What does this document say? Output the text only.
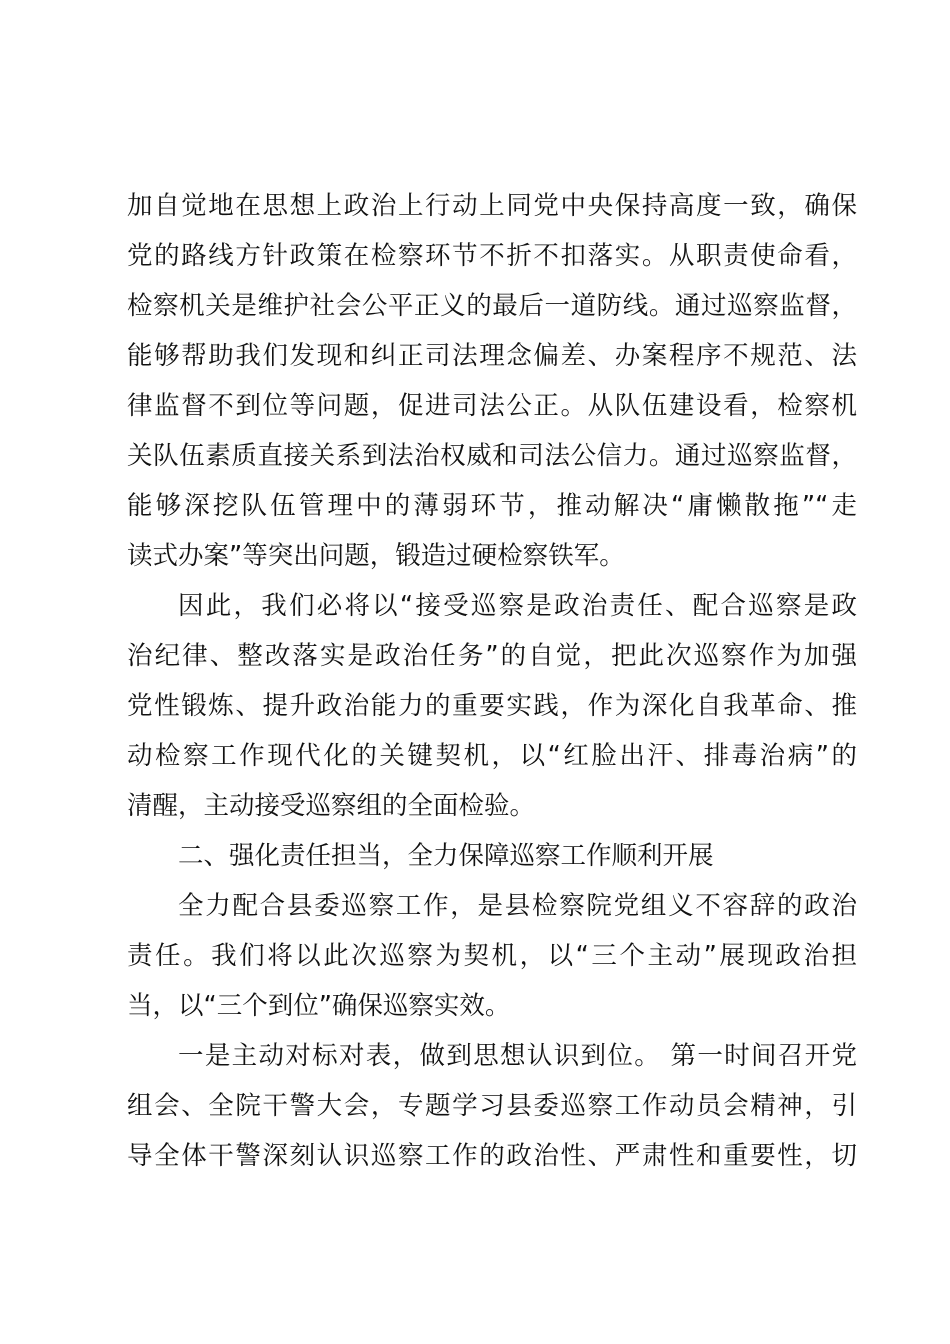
加自觉地在思想上政治上行动上同党中央保持高度一致，确保
党的路线方针政策在检察环节不折不扣落实。从职责使命看，
检察机关是维护社会公平正义的最后一道防线。通过巡察监督，
能够帮助我们发现和纠正司法理念偏差、办案程序不规范、法
律监督不到位等问题，促进司法公正。从队伍建设看，检察机
关队伍素质直接关系到法治权威和司法公信力。通过巡察监督，
能够深挖队伍管理中的薄弱环节，推动解决“庸懒散拖”“走
读式办案”等突出问题，锻造过硬检察铁军。
因此，我们必将以“接受巡察是政治责任、配合巡察是政
治纪律、整改落实是政治任务”的自觉，把此次巡察作为加强
党性锻炼、提升政治能力的重要实践，作为深化自我革命、推
动检察工作现代化的关键契机，以“红脸出汗、排毒治病”的
清醒，主动接受巡察组的全面检验。
二、强化责任担当，全力保障巡察工作顺利开展
全力配合县委巡察工作，是县检察院党组义不容辞的政治
责任。我们将以此次巡察为契机，以“三个主动”展现政治担
当，以“三个到位”确保巡察实效。
一是主动对标对表，做到思想认识到位。 第一时间召开党
组会、全院干警大会，专题学习县委巡察工作动员会精神，引
导全体干警深刻认识巡察工作的政治性、严肃性和重要性，切
